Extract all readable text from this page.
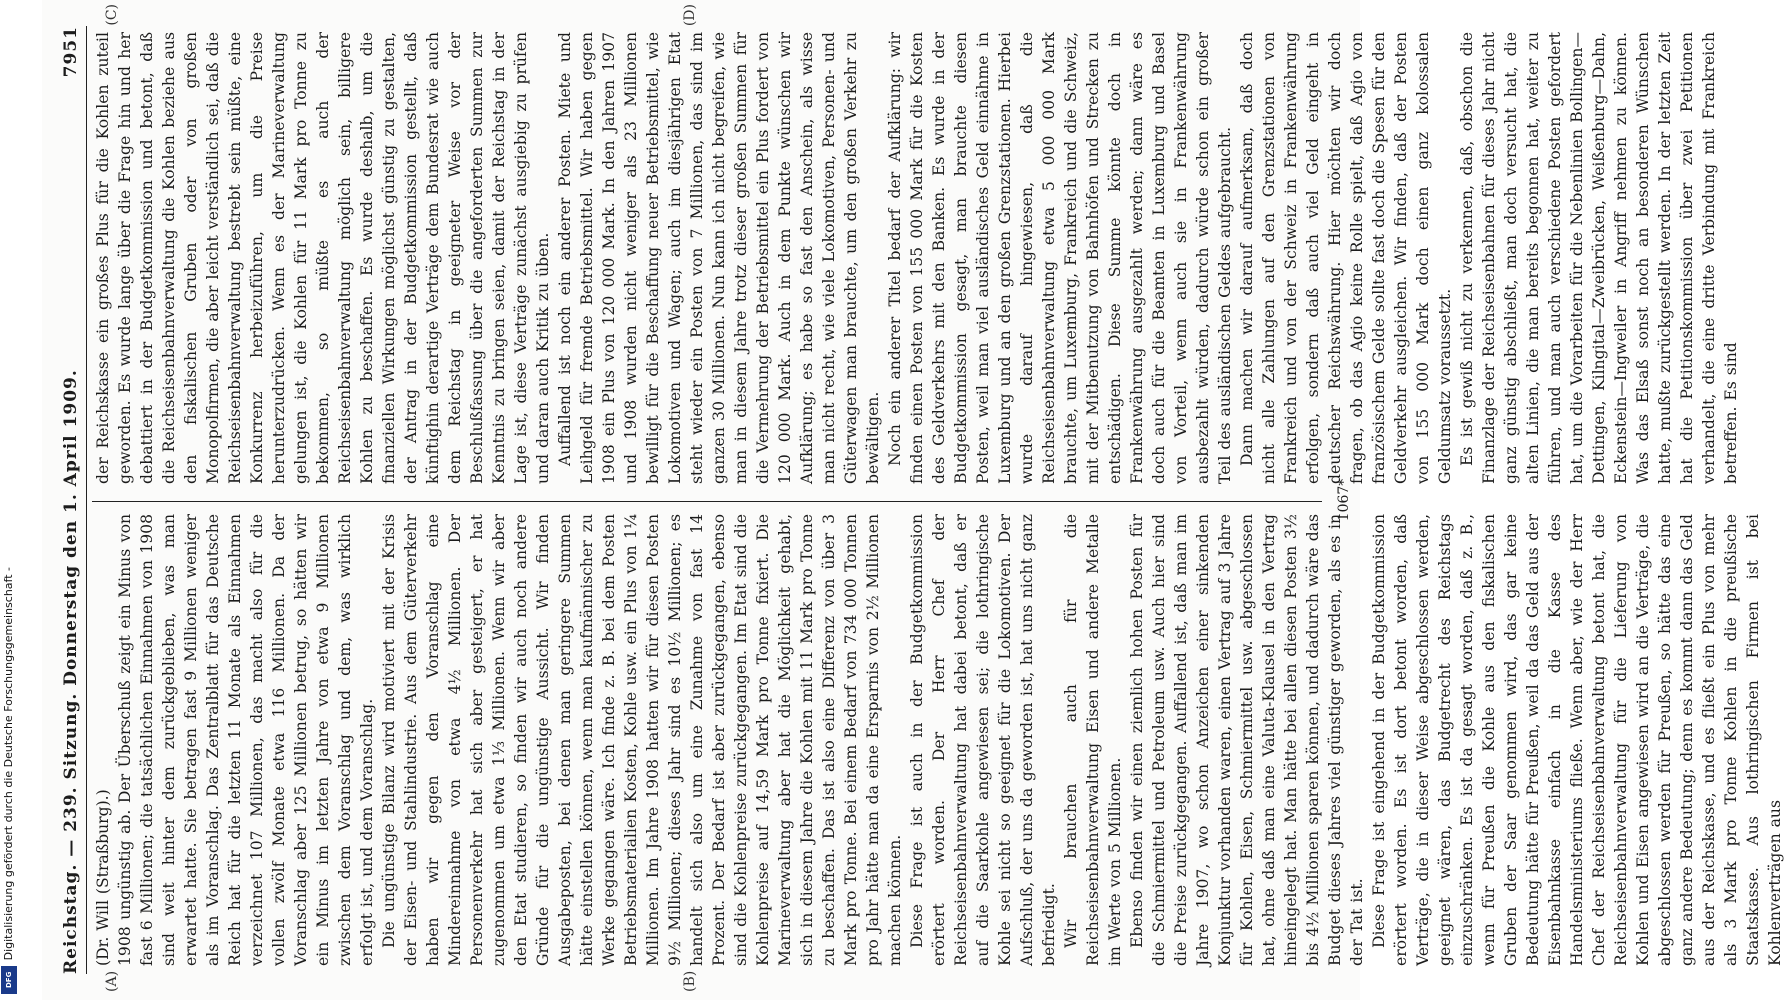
Digitalisierung gefördert durch die Deutsche Forschungsgemeinschaft -
DFG
Reichstag. — 239. Sitzung. Donnerstag den 1. April 1909.
7951
(A)	(B)
(C)	(D)

(Dr. Will (Straßburg).) 1908 ungünstig ab. Der Überschuß zeigt ein Minus von fast 6 Millionen; die tatsächlichen Einnahmen von 1908 sind weit hinter dem zurückgeblieben, was man erwartet hatte. Sie betragen fast 9 Millionen weniger als im Voranschlag. Das Zentralblatt für das Deutsche Reich hat für die letzten 11 Monate als Einnahmen verzeichnet 107 Millionen, das macht also für die vollen zwölf Monate etwa 116 Millionen. Da der Voranschlag aber 125 Millionen betrug, so hätten wir ein Minus im letzten Jahre von etwa 9 Millionen zwischen dem Voranschlag und dem, was wirklich erfolgt ist, und dem Voranschlag. Die ungünstige Bilanz wird motiviert mit der Krisis der Eisen- und Stahlindustrie. Aus dem Güterverkehr haben wir gegen den Voranschlag eine Mindereinnahme von etwa 4½ Millionen. Der Personenverkehr hat sich aber gesteigert, er hat zugenommen um etwa 1⅓ Millionen. Wenn wir aber den Etat studieren, so finden wir auch noch andere Gründe für die ungünstige Aussicht. Wir finden Ausgabeposten, bei denen man geringere Summen hätte einstellen können, wenn man kaufmännischer zu Werke gegangen wäre. Ich finde z. B. bei dem Posten Betriebsmaterialien Kosten, Kohle usw. ein Plus von 1¼ Millionen. Im Jahre 1908 hatten wir für diesen Posten 9½ Millionen; dieses Jahr sind es 10½ Millionen; es handelt sich also um eine Zunahme von fast 14 Prozent. Der Bedarf ist aber zurückgegangen, ebenso sind die Kohlenpreise zurückgegangen. Im Etat sind die Kohlenpreise auf 14,59 Mark pro Tonne fixiert. Die Marineverwaltung aber hat die Möglichkeit gehabt, sich in diesem Jahre die Kohlen mit 11 Mark pro Tonne zu beschaffen. Das ist also eine Differenz von über 3 Mark pro Tonne. Bei einem Bedarf von 734 000 Tonnen pro Jahr hätte man da eine Ersparnis von 2½ Millionen machen können. Diese Frage ist auch in der Budgetkommission erörtert worden. Der Herr Chef der Reichseisenbahnverwaltung hat dabei betont, daß er auf die Saarkohle angewiesen sei; die lothringische Kohle sei nicht so geeignet für die Lokomotiven. Der Aufschluß, der uns da geworden ist, hat uns nicht ganz befriedigt. Wir brauchen auch für die Reichseisenbahnverwaltung Eisen und andere Metalle im Werte von 5 Millionen. Ebenso finden wir einen ziemlich hohen Posten für die Schmiermittel und Petroleum usw. Auch hier sind die Preise zurückgegangen. Auffallend ist, daß man im Jahre 1907, wo schon Anzeichen einer sinkenden Konjunktur vorhanden waren, einen Vertrag auf 3 Jahre für Kohlen, Eisen, Schmiermittel usw. abgeschlossen hat, ohne daß man eine Valuta-Klausel in den Vertrag hineingelegt hat. Man hätte bei allen diesen Posten 3½ bis 4½ Millionen sparen können, und dadurch wäre das Budget dieses Jahres viel günstiger geworden, als es in der Tat ist. Diese Frage ist eingehend in der Budgetkommission erörtert worden. Es ist dort betont worden, daß Verträge, die in dieser Weise abgeschlossen werden, geeignet wären, das Budgetrecht des Reichstags einzuschränken. Es ist da gesagt worden, daß z. B., wenn für Preußen die Kohle aus den fiskalischen Gruben der Saar genommen wird, das gar keine Bedeutung hätte für Preußen, weil da das Geld aus der Eisenbahnkasse einfach in die Kasse des Handelsministeriums fließe. Wenn aber, wie der Herr Chef der Reichseisenbahnverwaltung betont hat, die Reichseisenbahnverwaltung für die Lieferung von Kohlen und Eisen angewiesen wird an die Verträge, die abgeschlossen werden für Preußen, so hätte das eine ganz andere Bedeutung; denn es kommt dann das Geld aus der Reichskasse, und es fließt ein Plus von mehr als 3 Mark pro Tonne Kohlen in die preußische Staatskasse. Aus lothringischen Firmen ist bei Kohlenverträgen aus

der Reichskasse ein großes Plus für die Kohlen zuteil geworden. Es wurde lange über die Frage hin und her debattiert in der Budgetkommission und betont, daß die Reichseisenbahnverwaltung die Kohlen beziehe aus den fiskalischen Gruben oder von großen Monopolfirmen, die aber leicht verständlich sei, daß die Reichseisenbahnverwaltung bestrebt sein müßte, eine Konkurrenz herbeizuführen, um die Preise herunterzudrücken. Wenn es der Marineverwaltung gelungen ist, die Kohlen für 11 Mark pro Tonne zu bekommen, so müßte es auch der Reichseisenbahnverwaltung möglich sein, billigere Kohlen zu beschaffen. Es wurde deshalb, um die finanziellen Wirkungen möglichst günstig zu gestalten, der Antrag in der Budgetkommission gestellt, daß künftighin derartige Verträge dem Bundesrat wie auch dem Reichstag in geeigneter Weise vor der Beschlußfassung über die angeforderten Summen zur Kenntnis zu bringen seien, damit der Reichstag in der Lage ist, diese Verträge zunächst ausgiebig zu prüfen und daran auch Kritik zu üben. Auffallend ist noch ein anderer Posten. Miete und Leihgeld für fremde Betriebsmittel. Wir haben gegen 1908 ein Plus von 120 000 Mark. In den Jahren 1907 und 1908 wurden nicht weniger als 23 Millionen bewilligt für die Beschaffung neuer Betriebsmittel, wie Lokomotiven und Wagen; auch im diesjährigen Etat steht wieder ein Posten von 7 Millionen, das sind im ganzen 30 Millionen. Nun kann ich nicht begreifen, wie man in diesem Jahre trotz dieser großen Summen für die Vermehrung der Betriebsmittel ein Plus fordert von 120 000 Mark. Auch in dem Punkte wünschen wir Aufklärung; es habe so fast den Anschein, als wisse man nicht recht, wie viele Lokomotiven, Personen- und Güterwagen man brauchte, um den großen Verkehr zu bewältigen. Noch ein anderer Titel bedarf der Aufklärung: wir finden einen Posten von 155 000 Mark für die Kosten des Geldverkehrs mit den Banken. Es wurde in der Budgetkommission gesagt, man brauchte diesen Posten, weil man viel ausländisches Geld einnähme in Luxemburg und an den großen Grenzstationen. Hierbei wurde darauf hingewiesen, daß die Reichseisenbahnverwaltung etwa 5 000 000 Mark brauchte, um Luxemburg, Frankreich und die Schweiz, mit der Mitbenutzung von Bahnhöfen und Strecken zu entschädigen. Diese Summe könnte doch in Frankenwährung ausgezahlt werden; dann wäre es doch auch für die Beamten in Luxemburg und Basel von Vorteil, wenn auch sie in Frankenwährung ausbezahlt würden, dadurch würde schon ein großer Teil des ausländischen Geldes aufgebraucht. Dann machen wir darauf aufmerksam, daß doch nicht alle Zahlungen auf den Grenzstationen von Frankreich und von der Schweiz in Frankenwährung erfolgen, sondern daß auch viel Geld eingeht in deutscher Reichswährung. Hier möchten wir doch fragen, ob das Agio keine Rolle spielt, daß Agio von französischem Gelde sollte fast doch die Spesen für den Geldverkehr ausgleichen. Wir finden, daß der Posten von 155 000 Mark doch einen ganz kolossalen Geldumsatz voraussetzt. Es ist gewiß nicht zu verkennen, daß, obschon die Finanzlage der Reichseisenbahnen für dieses Jahr nicht ganz günstig abschließt, man doch versucht hat, die alten Linien, die man bereits begonnen hat, weiter zu führen, und man auch verschiedene Posten gefordert hat, um die Vorarbeiten für die Nebenlinien Bollingen—Dettingen, Kilngital—Zweibrücken, Weißenburg—Dahn, Eckenstein—Ingweiler in Angriff nehmen zu können. Was das Elsaß sonst noch an besonderen Wünschen hatte, mußte zurückgestellt werden. In der letzten Zeit hat die Petitionskommission über zwei Petitionen verhandelt, die eine dritte Verbindung mit Frankreich betreffen. Es sind

1067*
